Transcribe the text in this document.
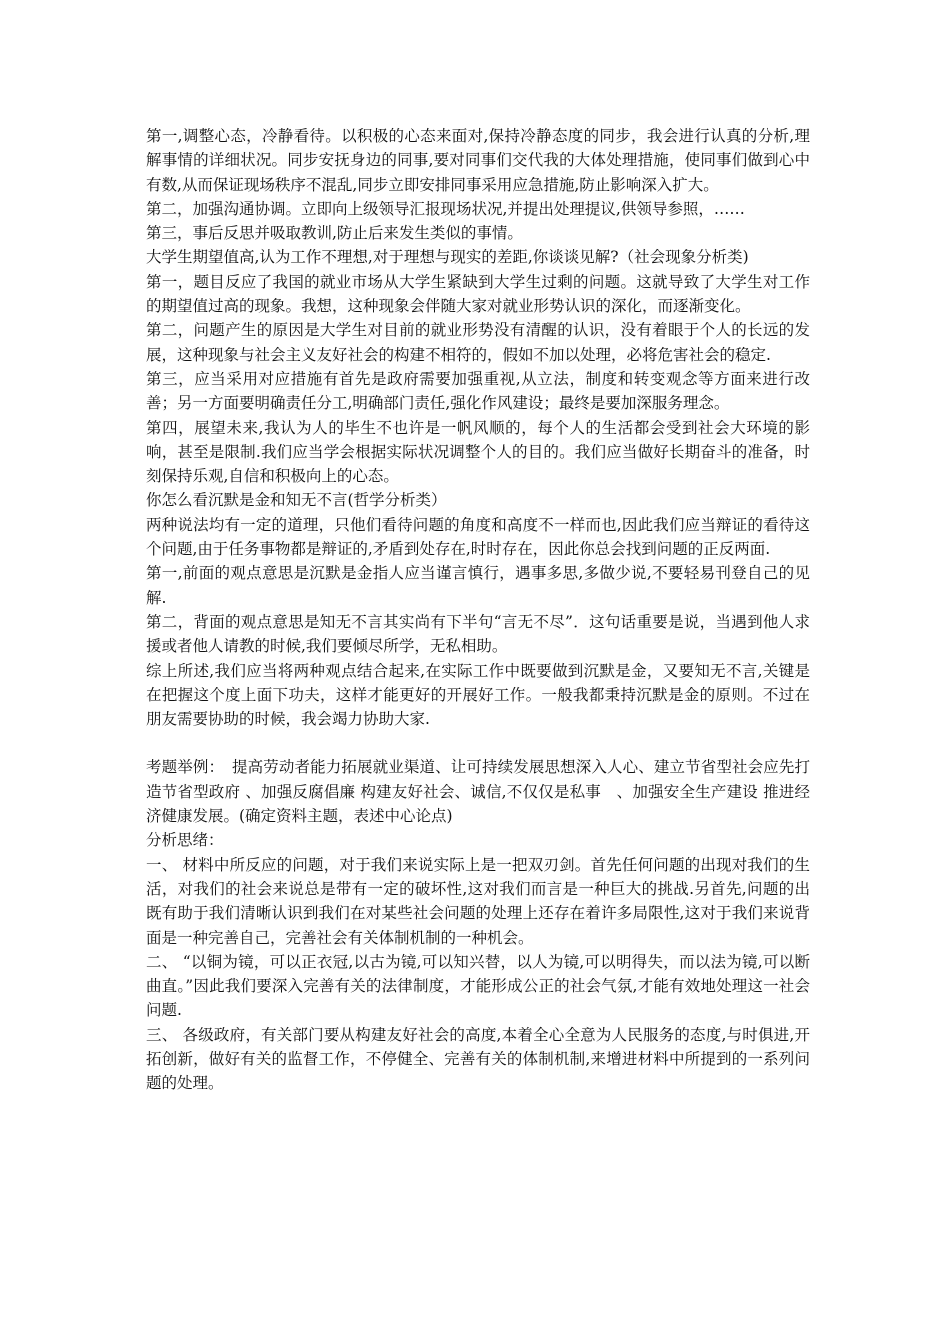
第一,调整心态，冷静看待。以积极的心态来面对,保持冷静态度的同步，我会进行认真的分析,理解事情的详细状况。同步安抚身边的同事,要对同事们交代我的大体处理措施，使同事们做到心中有数,从而保证现场秩序不混乱,同步立即安排同事采用应急措施,防止影响深入扩大。

第二，加强沟通协调。立即向上级领导汇报现场状况,并提出处理提议,供领导参照，……

第三，事后反思并吸取教训,防止后来发生类似的事情。

大学生期望值高,认为工作不理想,对于理想与现实的差距,你谈谈见解?（社会现象分析类)

第一，题目反应了我国的就业市场从大学生紧缺到大学生过剩的问题。这就导致了大学生对工作的期望值过高的现象。我想，这种现象会伴随大家对就业形势认识的深化，而逐渐变化。

第二，问题产生的原因是大学生对目前的就业形势没有清醒的认识，没有着眼于个人的长远的发展，这种现象与社会主义友好社会的构建不相符的，假如不加以处理，必将危害社会的稳定.

第三，应当采用对应措施有首先是政府需要加强重视,从立法，制度和转变观念等方面来进行改善；另一方面要明确责任分工,明确部门责任,强化作风建设；最终是要加深服务理念。

第四，展望未来,我认为人的毕生不也许是一帆风顺的，每个人的生活都会受到社会大环境的影响，甚至是限制.我们应当学会根据实际状况调整个人的目的。我们应当做好长期奋斗的准备，时刻保持乐观,自信和积极向上的心态。

你怎么看沉默是金和知无不言(哲学分析类）

两种说法均有一定的道理，只他们看待问题的角度和高度不一样而也,因此我们应当辩证的看待这个问题,由于任务事物都是辩证的,矛盾到处存在,时时存在，因此你总会找到问题的正反两面.

第一,前面的观点意思是沉默是金指人应当谨言慎行，遇事多思,多做少说,不要轻易刊登自己的见解.

第二，背面的观点意思是知无不言其实尚有下半句“言无不尽”．这句话重要是说，当遇到他人求援或者他人请教的时候,我们要倾尽所学，无私相助。

综上所述,我们应当将两种观点结合起来,在实际工作中既要做到沉默是金，又要知无不言,关键是在把握这个度上面下功夫，这样才能更好的开展好工作。一般我都秉持沉默是金的原则。不过在朋友需要协助的时候，我会竭力协助大家.

考题举例：　提高劳动者能力拓展就业渠道、让可持续发展思想深入人心、建立节省型社会应先打造节省型政府 、加强反腐倡廉 构建友好社会、诚信,不仅仅是私事　、加强安全生产建设 推进经济健康发展。(确定资料主题，表述中心论点)

分析思绪：

一、 材料中所反应的问题，对于我们来说实际上是一把双刃剑。首先任何问题的出现对我们的生活，对我们的社会来说总是带有一定的破坏性,这对我们而言是一种巨大的挑战.另首先,问题的出既有助于我们清晰认识到我们在对某些社会问题的处理上还存在着许多局限性,这对于我们来说背面是一种完善自己，完善社会有关体制机制的一种机会。

二、 “以铜为镜，可以正衣冠,以古为镜,可以知兴替，以人为镜,可以明得失，而以法为镜,可以断曲直。”因此我们要深入完善有关的法律制度，才能形成公正的社会气氛,才能有效地处理这一社会问题.

三、 各级政府，有关部门要从构建友好社会的高度,本着全心全意为人民服务的态度,与时俱进,开拓创新，做好有关的监督工作，不停健全、完善有关的体制机制,来增进材料中所提到的一系列问题的处理。
